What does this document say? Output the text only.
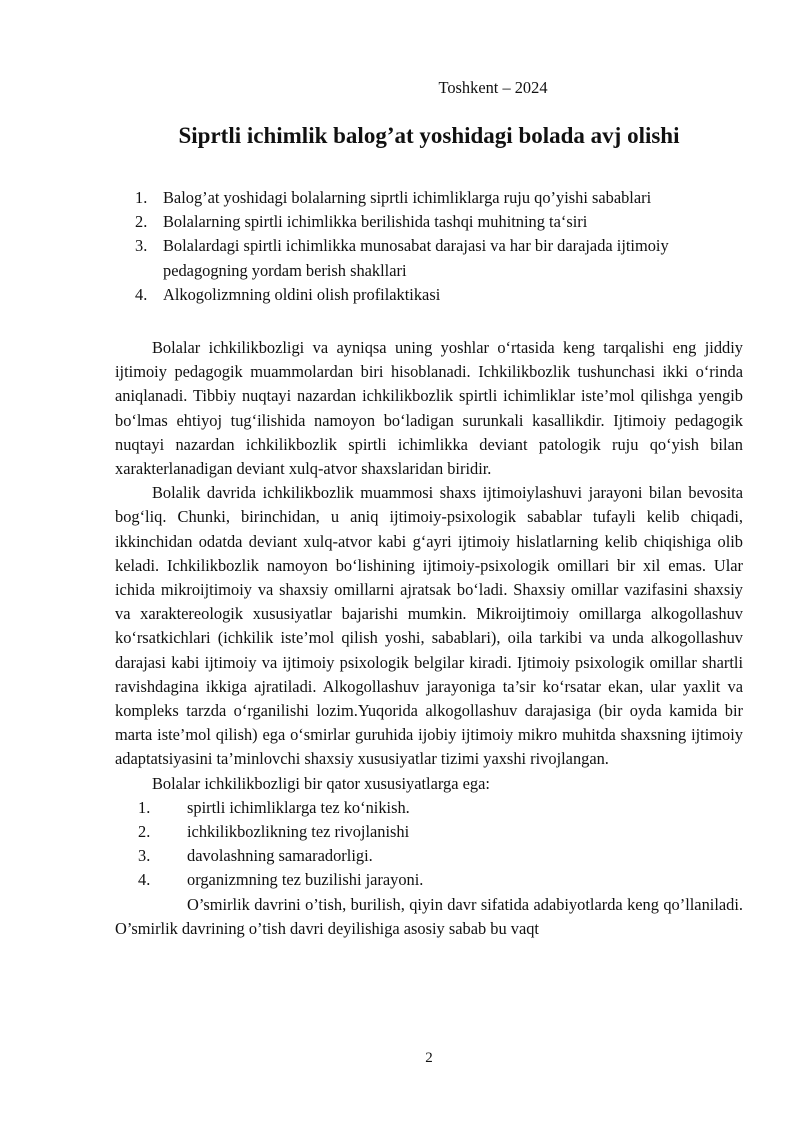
Toshkent – 2024
Siprtli ichimlik balog’at yoshidagi bolada avj olishi
1. Balog’at yoshidagi bolalarning siprtli ichimliklarga ruju qo’yishi sabablari
2. Bolalarning spirtli ichimlikka berilishida tashqi muhitning ta‘siri
3. Bolalardagi spirtli ichimlikka munosabat darajasi va har bir darajada ijtimoiy pedagogning yordam berish shakllari
4. Alkogolizmning oldini olish profilaktikasi

Bolalar ichkilikbozligi va ayniqsa uning yoshlar o‘rtasida keng tarqalishi eng jiddiy ijtimoiy pedagogik muammolardan biri hisoblanadi. Ichkilikbozlik tushunchasi ikki o‘rinda aniqlanadi. Tibbiy nuqtayi nazardan ichkilikbozlik spirtli ichimliklar iste’mol qilishga yengib bo‘lmas ehtiyoj tug‘ilishida namoyon bo‘ladigan surunkali kasallikdir. Ijtimoiy pedagogik nuqtayi nazardan ichkilikbozlik spirtli ichimlikka deviant patologik ruju qo‘yish bilan xarakterlanadigan deviant xulq-atvor shaxslaridan biridir.

Bolalik davrida ichkilikbozlik muammosi shaxs ijtimoiylashuvi jarayoni bilan bevosita bog‘liq. Chunki, birinchidan, u aniq ijtimoiy-psixologik sabablar tufayli kelib chiqadi, ikkinchidan odatda deviant xulq-atvor kabi g‘ayri ijtimoiy hislatlarning kelib chiqishiga olib keladi. Ichkilikbozlik namoyon bo‘lishining ijtimoiy-psixologik omillari bir xil emas. Ular ichida mikroijtimoiy va shaxsiy omillarni ajratsak bo‘ladi. Shaxsiy omillar vazifasini shaxsiy va xaraktereologik xususiyatlar bajarishi mumkin. Mikroijtimoiy omillarga alkogollashuv ko‘rsatkichlari (ichkilik iste’mol qilish yoshi, sabablari), oila tarkibi va unda alkogollashuv darajasi kabi ijtimoiy va ijtimoiy psixologik belgilar kiradi. Ijtimoiy psixologik omillar shartli ravishdagina ikkiga ajratiladi. Alkogollashuv jarayoniga ta’sir ko‘rsatar ekan, ular yaxlit va kompleks tarzda o‘rganilishi lozim.Yuqorida alkogollashuv darajasiga (bir oyda kamida bir marta iste’mol qilish) ega o‘smirlar guruhida ijobiy ijtimoiy mikro muhitda shaxsning ijtimoiy adaptatsiyasini ta’minlovchi shaxsiy xususiyatlar tizimi yaxshi rivojlangan.

Bolalar ichkilikbozligi bir qator xususiyatlarga ega:

1.	spirtli ichimliklarga tez ko‘nikish.
2.	ichkilikbozlikning tez rivojlanishi
3.	davolashning samaradorligi.
4.	organizmning tez buzilishi jarayoni.

O’smirlik davrini o’tish, burilish, qiyin davr sifatida adabiyotlarda keng qo’llaniladi. O’smirlik davrining o’tish davri deyilishiga asosiy sabab bu vaqt

2
